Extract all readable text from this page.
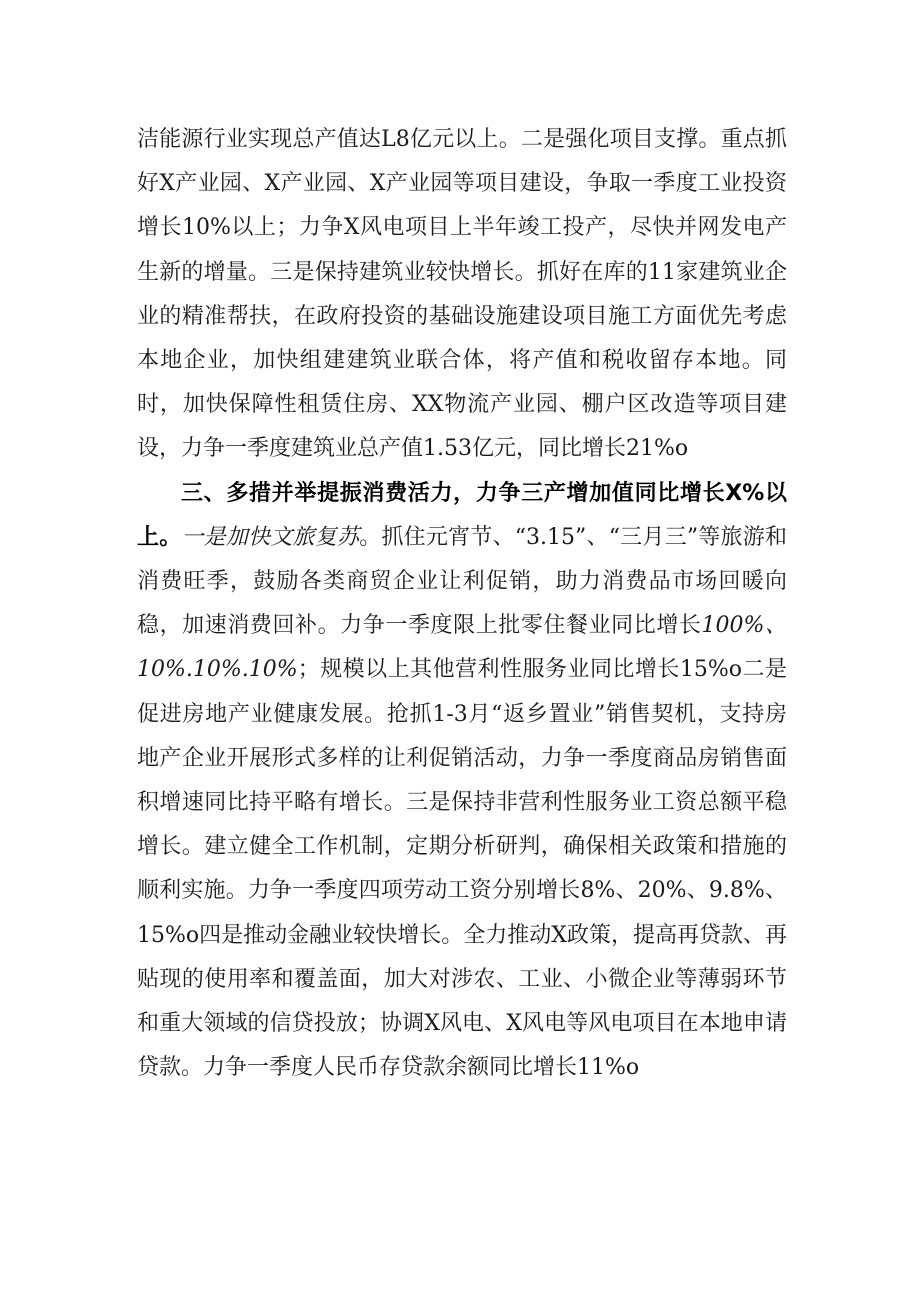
洁能源行业实现总产值达L8亿元以上。二是强化项目支撑。重点抓好X产业园、X产业园、X产业园等项目建设，争取一季度工业投资增长10%以上；力争X风电项目上半年竣工投产，尽快并网发电产生新的增量。三是保持建筑业较快增长。抓好在库的11家建筑业企业的精准帮扶，在政府投资的基础设施建设项目施工方面优先考虑本地企业，加快组建建筑业联合体，将产值和税收留存本地。同时，加快保障性租赁住房、XX物流产业园、棚户区改造等项目建设，力争一季度建筑业总产值1.53亿元，同比增长21%o

三、多措并举提振消费活力，力争三产增加值同比增长X%以上。一是加快文旅复苏。抓住元宵节、“3.15”、“三月三”等旅游和消费旺季，鼓励各类商贸企业让利促销，助力消费品市场回暖向稳，加速消费回补。力争一季度限上批零住餐业同比增长100%、10%.10%.10%；规模以上其他营利性服务业同比增长15%o二是促进房地产业健康发展。抢抓1-3月“返乡置业”销售契机，支持房地产企业开展形式多样的让利促销活动，力争一季度商品房销售面积增速同比持平略有增长。三是保持非营利性服务业工资总额平稳增长。建立健全工作机制，定期分析研判，确保相关政策和措施的顺利实施。力争一季度四项劳动工资分别增长8%、20%、9.8%、15%o四是推动金融业较快增长。全力推动X政策，提高再贷款、再贴现的使用率和覆盖面，加大对涉农、工业、小微企业等薄弱环节和重大领域的信贷投放；协调X风电、X风电等风电项目在本地申请贷款。力争一季度人民币存贷款余额同比增长11%o
